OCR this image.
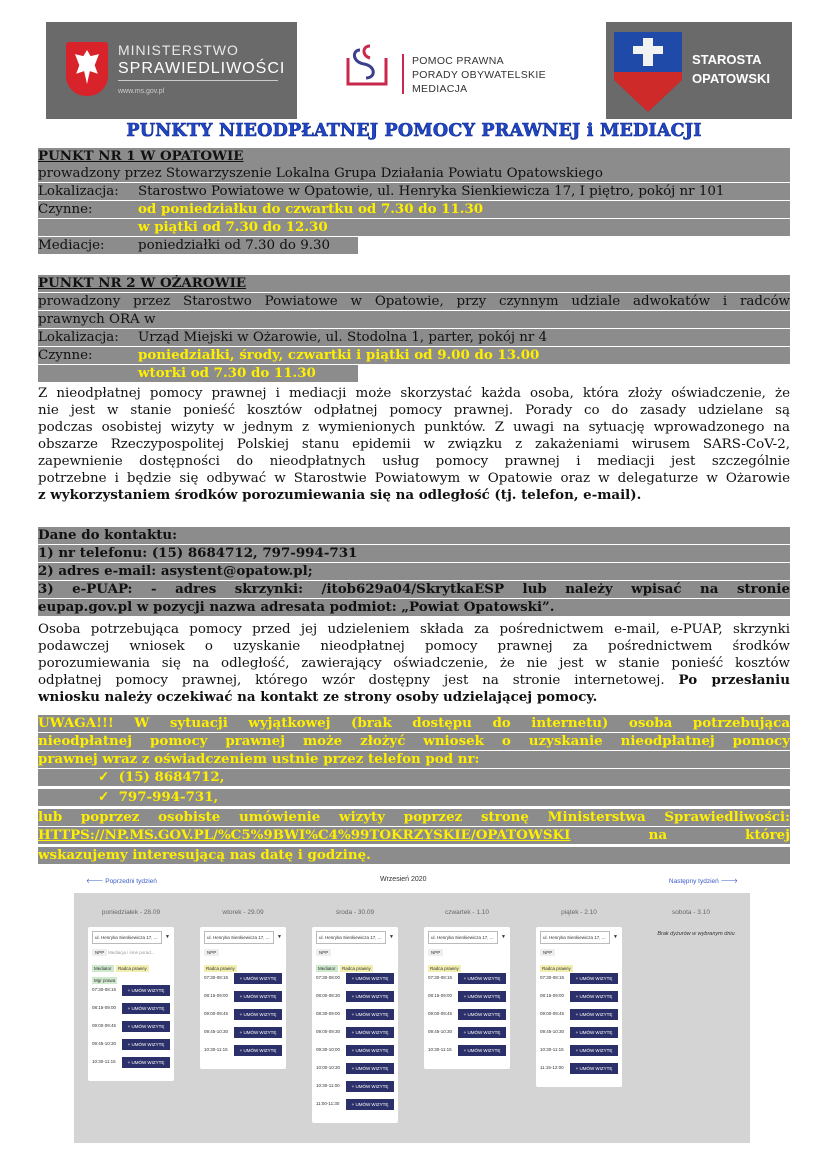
MINISTERSTWO
SPRAWIEDLIWOŚCI
www.ms.gov.pl
POMOC PRAWNA
PORADY OBYWATELSKIE
MEDIACJA
STAROSTA
OPATOWSKI
PUNKTY NIEODPŁATNEJ POMOCY PRAWNEJ i MEDIACJI
PUNKT NR 1 W OPATOWIE
prowadzony przez Stowarzyszenie Lokalna Grupa Działania Powiatu Opatowskiego
Lokalizacja: Starostwo Powiatowe w Opatowie, ul. Henryka Sienkiewicza 17, I piętro, pokój nr 101
Czynne:	od poniedziałku do czwartku od 7.30 do 11.30
w piątki od 7.30 do 12.30
Mediacje: poniedziałki od 7.30 do 9.30
PUNKT NR 2 W OŻAROWIE
prowadzony przez Starostwo Powiatowe w Opatowie, przy czynnym udziale adwokatów i radców
prawnych ORA w
Lokalizacja: Urząd Miejski w Ożarowie, ul. Stodolna 1, parter, pokój nr 4
Czynne:	poniedziałki, środy, czwartki i piątki od 9.00 do 13.00
wtorki od 7.30 do 11.30
Z nieodpłatnej pomocy prawnej i mediacji może skorzystać każda osoba, która złoży oświadczenie, że
nie jest w stanie ponieść kosztów odpłatnej pomocy prawnej. Porady co do zasady udzielane są
podczas osobistej wizyty w jednym z wymienionych punktów. Z uwagi na sytuację wprowadzonego na
obszarze Rzeczypospolitej Polskiej stanu epidemii w związku z zakażeniami wirusem SARS-CoV-2,
zapewnienie dostępności do nieodpłatnych usług pomocy prawnej i mediacji jest szczególnie
potrzebne i będzie się odbywać w Starostwie Powiatowym w Opatowie oraz w delegaturze w Ożarowie
z wykorzystaniem środków porozumiewania się na odległość (tj. telefon, e-mail).
Dane do kontaktu:
1) nr telefonu: (15) 8684712, 797-994-731
2) adres e-mail: asystent@opatow.pl;
3) e-PUAP: - adres skrzynki: /itob629a04/SkrytkaESP lub należy wpisać na stronie
eupap.gov.pl w pozycji nazwa adresata podmiot: „Powiat Opatowski”.
Osoba potrzebująca pomocy przed jej udzieleniem składa za pośrednictwem e-mail, e-PUAP, skrzynki
podawczej wniosek o uzyskanie nieodpłatnej pomocy prawnej za pośrednictwem środków
porozumiewania się na odległość, zawierający oświadczenie, że nie jest w stanie ponieść kosztów
odpłatnej pomocy prawnej, którego wzór dostępny jest na stronie internetowej. Po przesłaniu
wniosku należy oczekiwać na kontakt ze strony osoby udzielającej pomocy.
UWAGA!!! W sytuacji wyjątkowej (brak dostępu do internetu) osoba potrzebująca
nieodpłatnej pomocy prawnej może złożyć wniosek o uzyskanie nieodpłatnej pomocy
prawnej wraz z oświadczeniem ustnie przez telefon pod nr:
✓ (15) 8684712,
✓ 797-994-731,
lub poprzez osobiste umówienie wizyty poprzez stronę Ministerstwa Sprawiedliwości:
HTTPS://NP.MS.GOV.PL/%C5%9BWI%C4%99TOKRZYSKIE/OPATOWSKI	na której
wskazujemy interesującą nas datę i godzinę.
🡐 Poprzedni tydzień	Wrzesień 2020	Następny tydzień 🡒
poniedziałek - 28.09
ul. Henryka Sienkiewicza 17, ...	▼
NPP Mediacja i inne porad...
Mediator	Radca prawny
Mgr prawa
07:30-08:15	+ UMÓW WIZYTĘ
08:15-09:00	+ UMÓW WIZYTĘ
09:00-09:45	+ UMÓW WIZYTĘ
09:45-10:30	+ UMÓW WIZYTĘ
10:30-11:15	+ UMÓW WIZYTĘ
wtorek - 29.09
ul. Henryka Sienkiewicza 17, ...	▼
NPP
Radca prawny
07:30-08:15	+ UMÓW WIZYTĘ
08:15-09:00	+ UMÓW WIZYTĘ
09:00-09:45	+ UMÓW WIZYTĘ
09:45-10:30	+ UMÓW WIZYTĘ
10:30-11:15	+ UMÓW WIZYTĘ
środa - 30.09
ul. Henryka Sienkiewicza 17, ...	▼
NPP
Mediator	Radca prawny
07:30-08:00	+ UMÓW WIZYTĘ
08:00-08:30	+ UMÓW WIZYTĘ
08:30-09:00	+ UMÓW WIZYTĘ
09:00-09:30	+ UMÓW WIZYTĘ
09:30-10:00	+ UMÓW WIZYTĘ
10:00-10:30	+ UMÓW WIZYTĘ
10:30-11:00	+ UMÓW WIZYTĘ
11:00-11:30	+ UMÓW WIZYTĘ
czwartek - 1.10
ul. Henryka Sienkiewicza 17, ...	▼
NPP
Radca prawny
07:30-08:15	+ UMÓW WIZYTĘ
08:15-09:00	+ UMÓW WIZYTĘ
09:00-09:45	+ UMÓW WIZYTĘ
09:45-10:30	+ UMÓW WIZYTĘ
10:30-11:15	+ UMÓW WIZYTĘ
piątek - 2.10
ul. Henryka Sienkiewicza 17, ...	▼
NPP
Radca prawny
07:30-08:15	+ UMÓW WIZYTĘ
08:15-09:00	+ UMÓW WIZYTĘ
09:00-09:45	+ UMÓW WIZYTĘ
09:45-10:30	+ UMÓW WIZYTĘ
10:30-11:15	+ UMÓW WIZYTĘ
11:15-12:00	+ UMÓW WIZYTĘ
sobota - 3.10
Brak dyżurów w wybranym dniu
